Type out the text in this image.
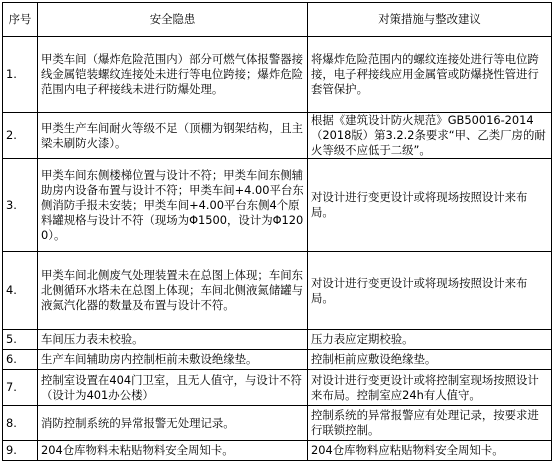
序号	安全隐患	对策措施与整改建议
1.	甲类车间（爆炸危险范围内）部分可燃气体报警器接线金属铠装螺纹连接处未进行等电位跨接；爆炸危险范围内电子秤接线未进行防爆处理。	将爆炸危险范围内的螺纹连接处进行等电位跨接，电子秤接线应用金属管或防爆挠性管进行套管保护。
2.	甲类生产车间耐火等级不足（顶棚为钢架结构，且主梁未刷防火漆）。	根据《建筑设计防火规范》GB50016-2014（2018版）第3.2.2条要求“甲、乙类厂房的耐火等级不应低于二级”。
3.	甲类车间东侧楼梯位置与设计不符；甲类车间东侧辅助房内设备布置与设计不符；甲类车间+4.00平台东侧消防手报未安装；甲类车间+4.00平台东侧4个原料罐规格与设计不符（现场为Φ1500，设计为Φ1200）。	对设计进行变更设计或将现场按照设计来布局。
4.	甲类车间北侧废气处理装置未在总图上体现；车间东北侧循环水塔未在总图上体现；车间北侧液氮储罐与液氮汽化器的数量及布置与设计不符。	对设计进行变更设计或将现场按照设计来布局。
5.	车间压力表未校验。	压力表应定期校验。
6.	生产车间辅助房内控制柜前未敷设绝缘垫。	控制柜前应敷设绝缘垫。
7.	控制室设置在404门卫室，且无人值守，与设计不符（设计为401办公楼）	对设计进行变更设计或将控制室现场按照设计来布局。控制室应24h有人值守。
8.	消防控制系统的异常报警无处理记录。	控制系统的异常报警应有处理记录，按要求进行联锁控制。
9.	204仓库物料未粘贴物料安全周知卡。	204仓库物料应粘贴物料安全周知卡。
